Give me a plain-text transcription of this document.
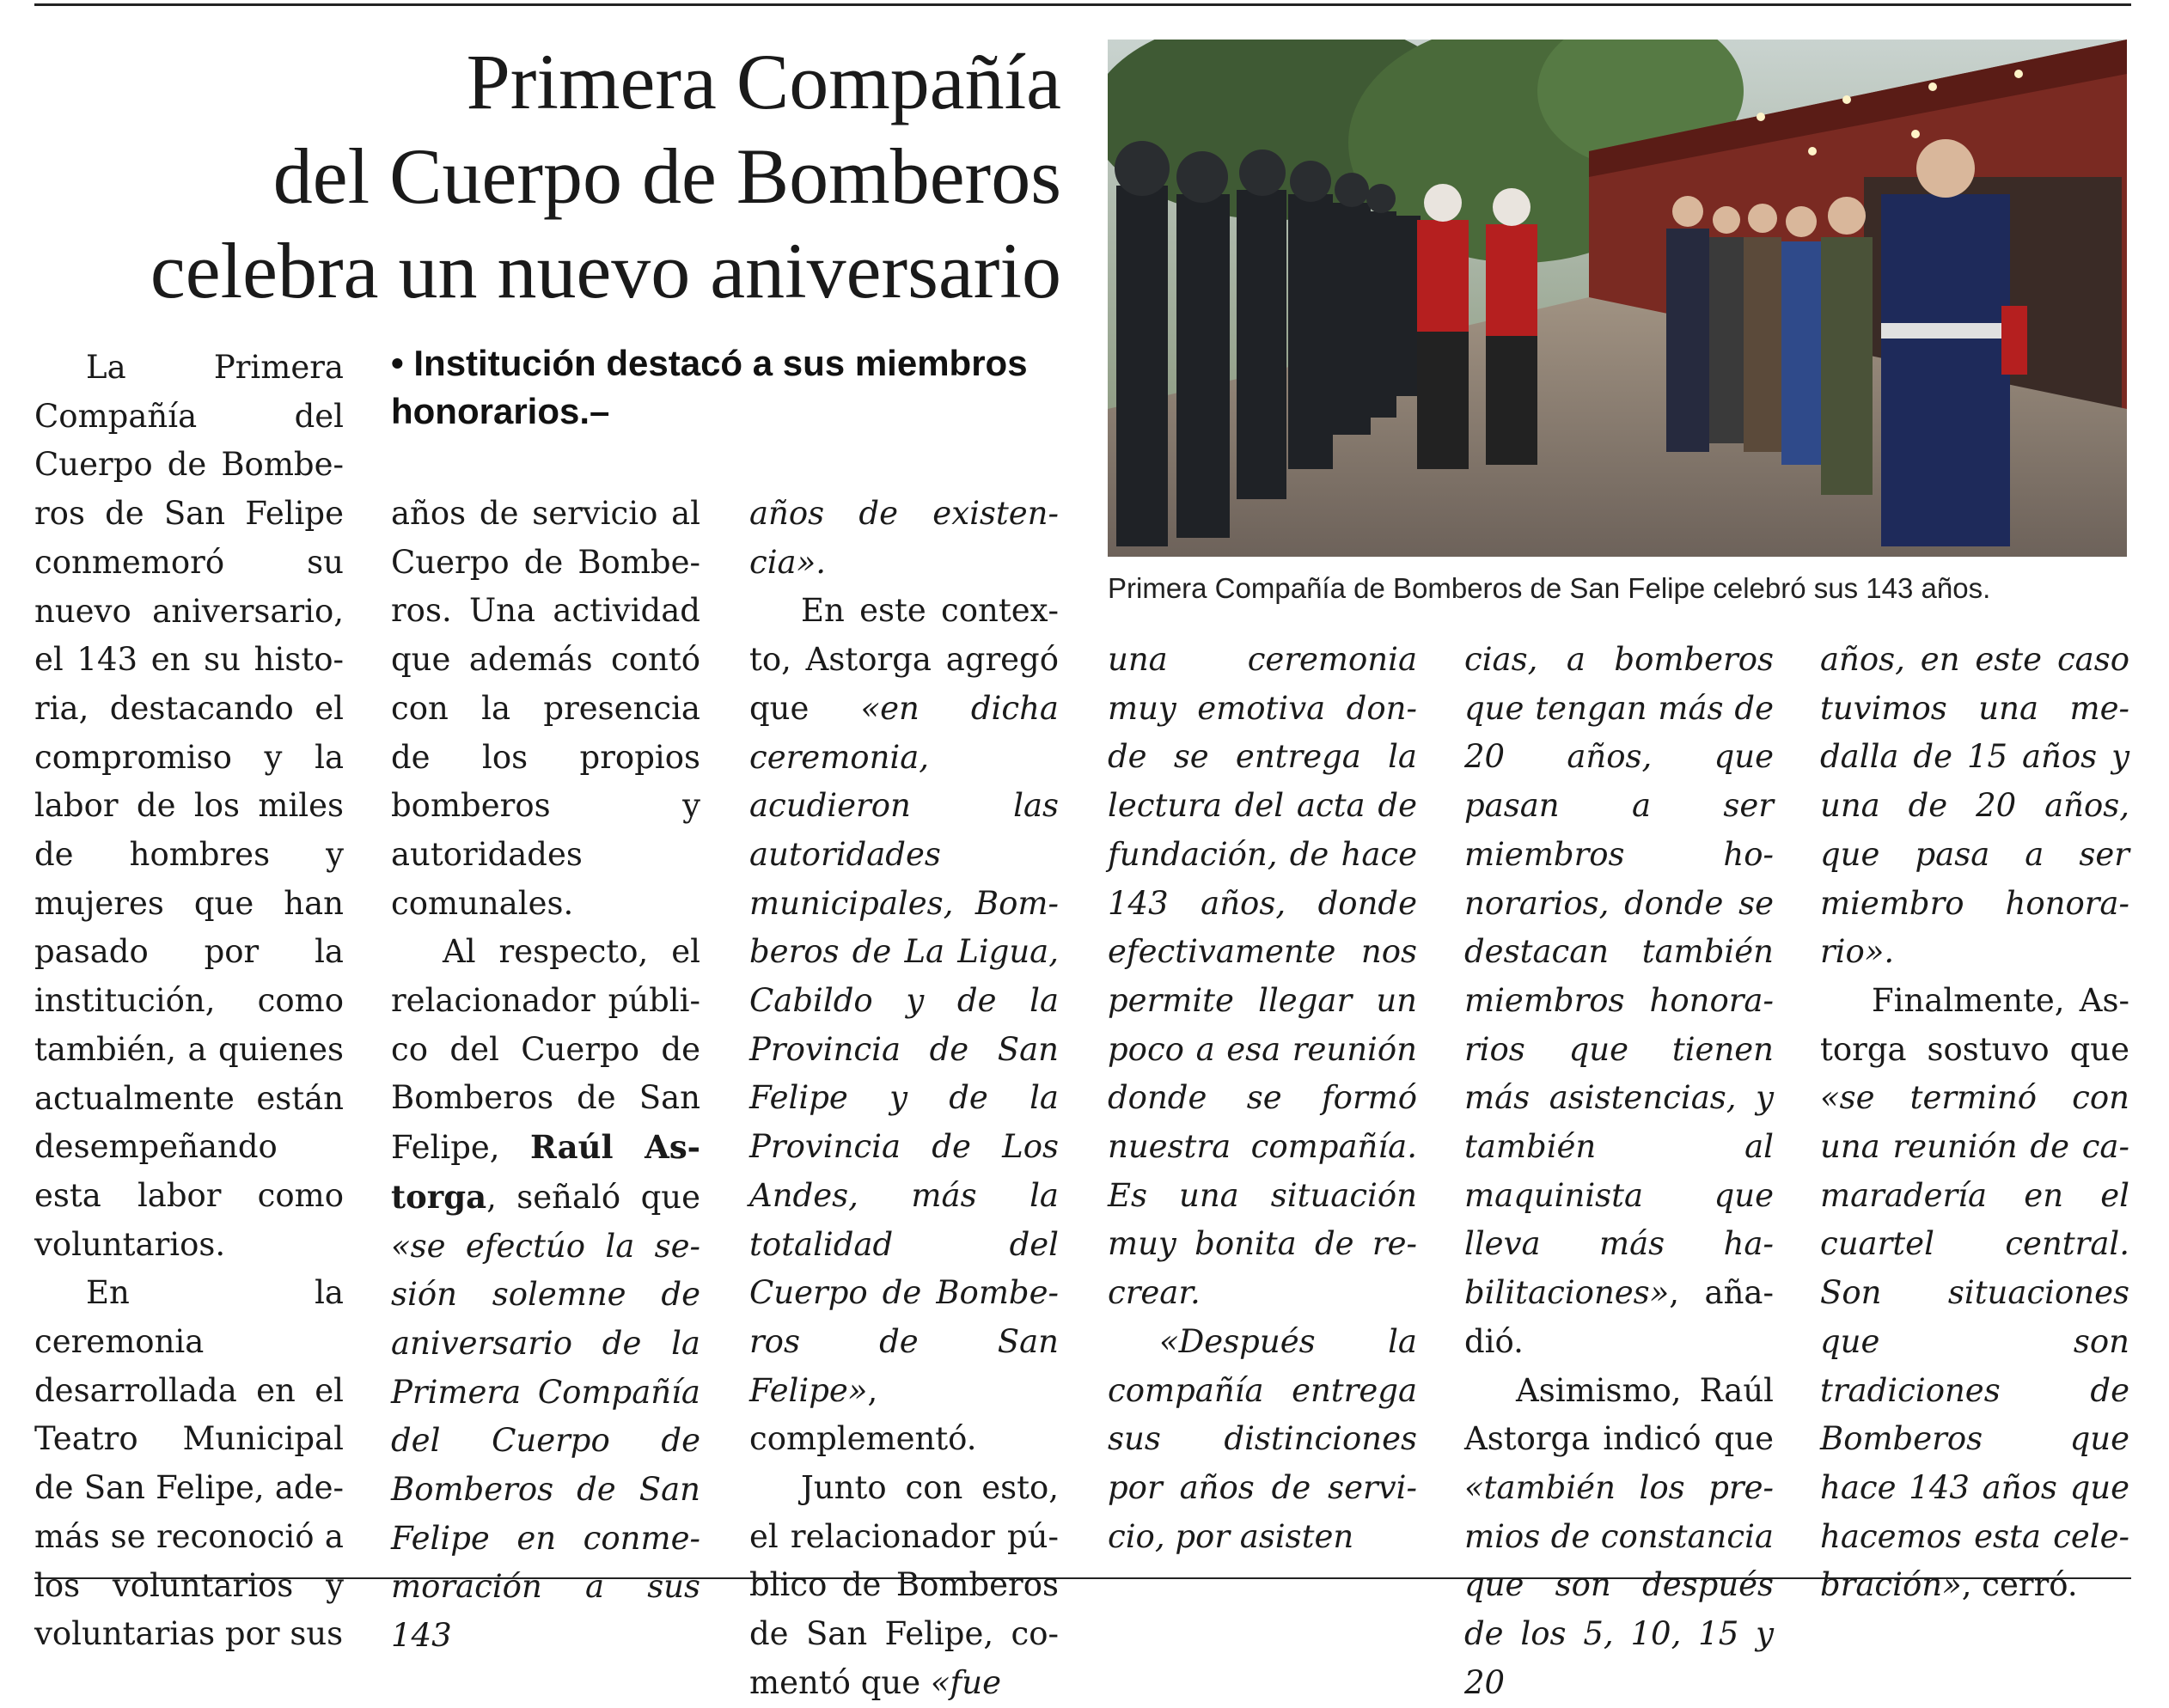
Primera Compañía
del Cuerpo de Bomberos
celebra un nuevo aniversario
• Institución destacó a sus miembros honorarios.–
Primera Compañía de Bomberos de San Felipe celebró sus 143 años.

La Primera Compañía del Cuerpo de Bomberos de San Felipe conmemoró su nuevo aniversario, el 143 en su historia, destacando el compromiso y la labor de los miles de hombres y mujeres que han pasado por la institución, como también, a quienes actualmente están desempeñando esta labor como voluntarios.

En la ceremonia desarrollada en el Teatro Municipal de San Felipe, además se reconoció a los voluntarios y voluntarias por sus

años de servicio al Cuerpo de Bomberos. Una actividad que además contó con la presencia de los propios bomberos y autoridades comunales.

Al respecto, el relacionador público del Cuerpo de Bomberos de San Felipe, Raúl Astorga, señaló que «se efectúo la sesión solemne de aniversario de la Primera Compañía del Cuerpo de Bomberos de San Felipe en conmemoración a sus 143

años de existencia».

En este contexto, Astorga agregó que «en dicha ceremonia, acudieron las autoridades municipales, Bomberos de La Ligua, Cabildo y de la Provincia de San Felipe y de la Provincia de Los Andes, más la totalidad del Cuerpo de Bomberos de San Felipe», complementó.

Junto con esto, el relacionador público de Bomberos de San Felipe, comentó que «fue

una ceremonia muy emotiva donde se entrega la lectura del acta de fundación, de hace 143 años, donde efectivamente nos permite llegar un poco a esa reunión donde se formó nuestra compañía. Es una situación muy bonita de recrear.

«Después la compañía entrega sus distinciones por años de servicio, por asisten

cias, a bomberos que tengan más de 20 años, que pasan a ser miembros honorarios, donde se destacan también miembros honorarios que tienen más asistencias, y también al maquinista que lleva más habilitaciones», añadió.

Asimismo, Raúl Astorga indicó que «también los premios de constancia que son después de los 5, 10, 15 y 20

años, en este caso tuvimos una medalla de 15 años y una de 20 años, que pasa a ser miembro honorario».

Finalmente, Astorga sostuvo que «se terminó con una reunión de camaradería en el cuartel central. Son situaciones que son tradiciones de Bomberos que hace 143 años que hacemos esta celebración», cerró.
